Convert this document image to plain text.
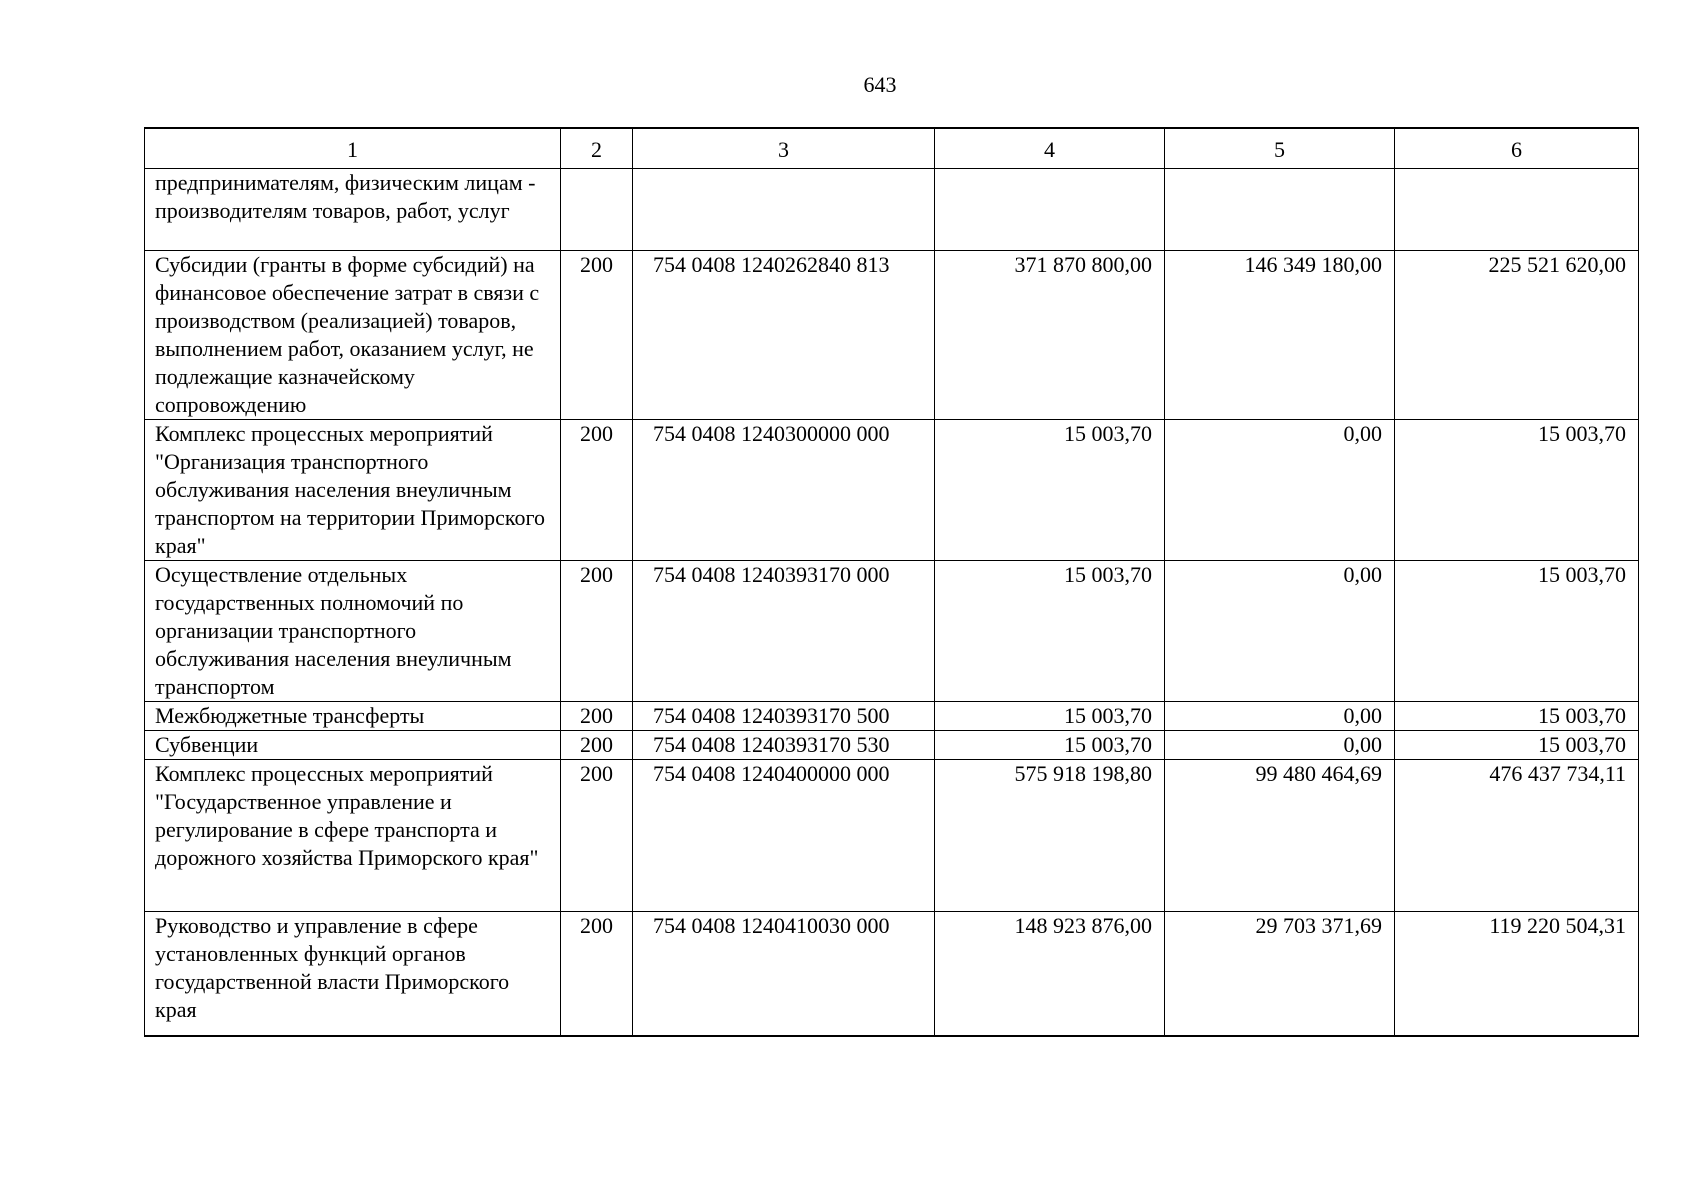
643
1	2	3	4	5	6
предпринимателям, физическим лицам - производителям товаров, работ, услуг					
Субсидии (гранты в форме субсидий) на финансовое обеспечение затрат в связи с производством (реализацией) товаров, выполнением работ, оказанием услуг, не подлежащие казначейскому сопровождению	200	754 0408 1240262840 813	371 870 800,00	146 349 180,00	225 521 620,00
Комплекс процессных мероприятий "Организация транспортного обслуживания населения внеуличным транспортом на территории Приморского края"	200	754 0408 1240300000 000	15 003,70	0,00	15 003,70
Осуществление отдельных государственных полномочий по организации транспортного обслуживания населения внеуличным транспортом	200	754 0408 1240393170 000	15 003,70	0,00	15 003,70
Межбюджетные трансферты	200	754 0408 1240393170 500	15 003,70	0,00	15 003,70
Субвенции	200	754 0408 1240393170 530	15 003,70	0,00	15 003,70
Комплекс процессных мероприятий "Государственное управление и регулирование в сфере транспорта и дорожного хозяйства Приморского края"	200	754 0408 1240400000 000	575 918 198,80	99 480 464,69	476 437 734,11
Руководство и управление в сфере установленных функций органов государственной власти Приморского края	200	754 0408 1240410030 000	148 923 876,00	29 703 371,69	119 220 504,31
